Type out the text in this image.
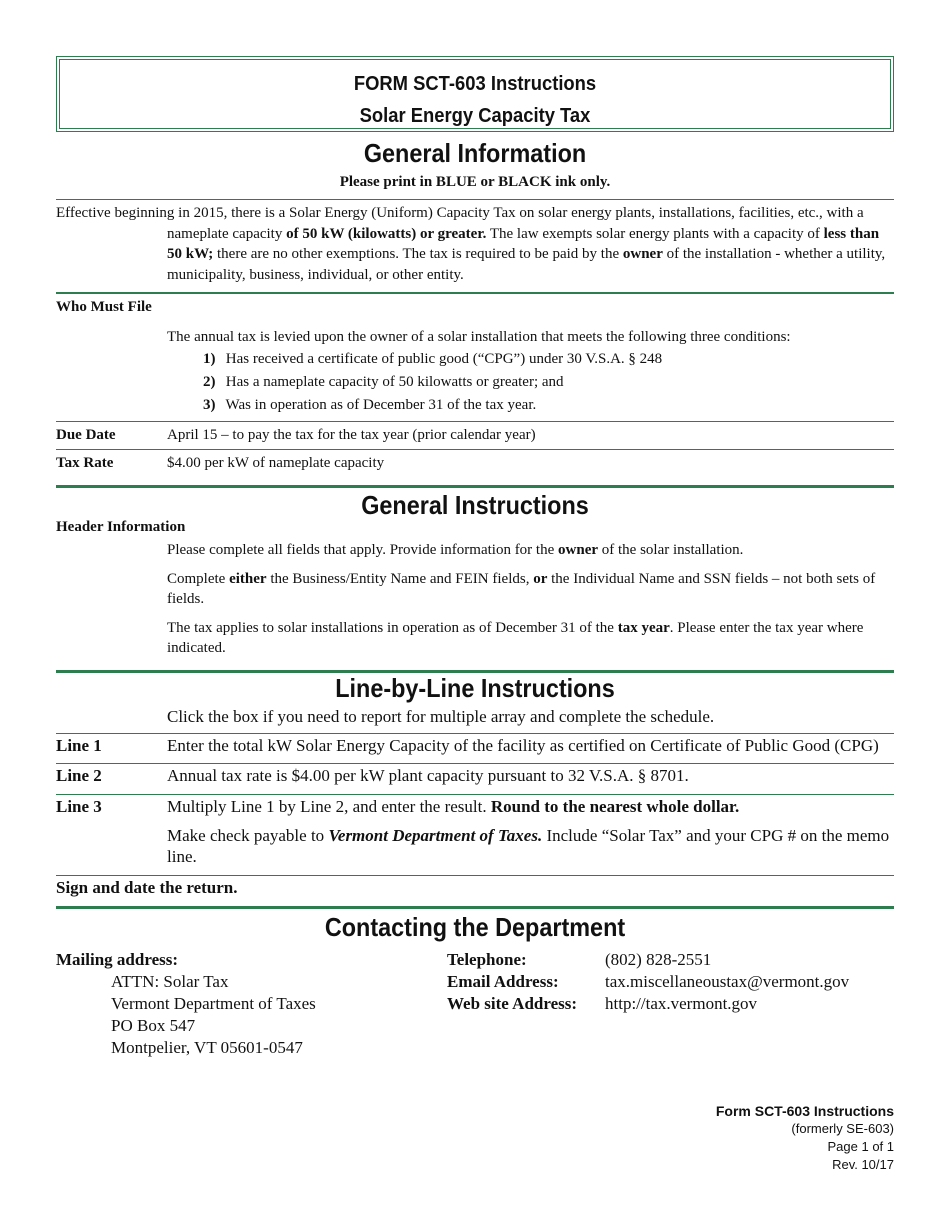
FORM SCT-603 Instructions
Solar Energy Capacity Tax
General Information
Please print in BLUE or BLACK ink only.

Effective beginning in 2015, there is a Solar Energy (Uniform) Capacity Tax on solar energy plants, installations, facilities, etc., with a nameplate capacity of 50 kW (kilowatts) or greater. The law exempts solar energy plants with a capacity of less than 50 kW; there are no other exemptions. The tax is required to be paid by the owner of the installation - whether a utility, municipality, business, individual, or other entity.

Who Must File
The annual tax is levied upon the owner of a solar installation that meets the following three conditions:
1) Has received a certificate of public good (“CPG”) under 30 V.S.A. § 248
2) Has a nameplate capacity of 50 kilowatts or greater; and
3) Was in operation as of December 31 of the tax year.
Due Date	April 15 – to pay the tax for the tax year (prior calendar year)
Tax Rate	$4.00 per kW of nameplate capacity
General Instructions
Header Information

Please complete all fields that apply. Provide information for the owner of the solar installation.

Complete either the Business/Entity Name and FEIN fields, or the Individual Name and SSN fields – not both sets of fields.

The tax applies to solar installations in operation as of December 31 of the tax year. Please enter the tax year where indicated.

Line-by-Line Instructions
Click the box if you need to report for multiple array and complete the schedule.
Line 1	Enter the total kW Solar Energy Capacity of the facility as certified on Certificate of Public Good (CPG)
Line 2	Annual tax rate is $4.00 per kW plant capacity pursuant to 32 V.S.A. § 8701.
Line 3	Multiply Line 1 by Line 2, and enter the result. Round to the nearest whole dollar.

Make check payable to Vermont Department of Taxes. Include “Solar Tax” and your CPG # on the memo line.

Sign and date the return.
Contacting the Department
Mailing address:
ATTN: Solar Tax
Vermont Department of Taxes
PO Box 547
Montpelier, VT 05601-0547
Telephone:	(802) 828-2551
Email Address:	tax.miscellaneoustax@vermont.gov
Web site Address:	http://tax.vermont.gov
Form SCT-603 Instructions
(formerly SE-603)
Page 1 of 1
Rev. 10/17
